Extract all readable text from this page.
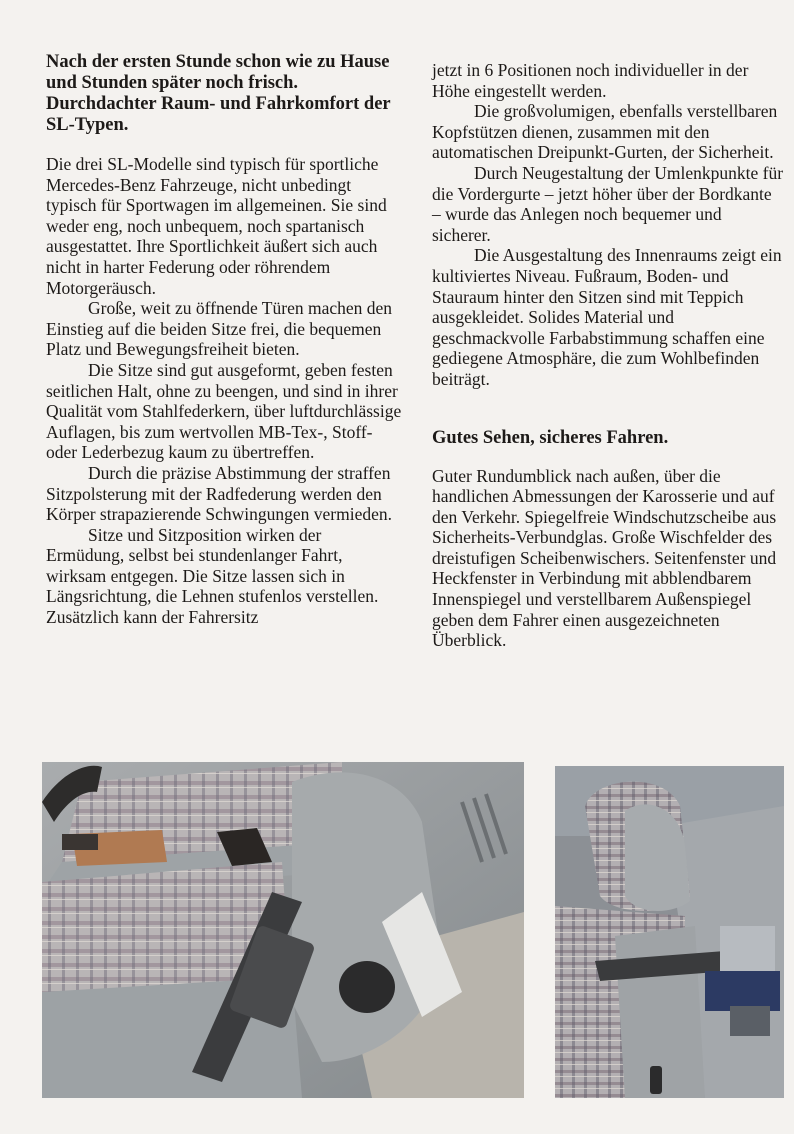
Nach der ersten Stunde schon wie zu Hause und Stunden später noch frisch. Durchdachter Raum- und Fahrkomfort der SL-Typen.

Die drei SL-Modelle sind typisch für sportliche Mercedes-Benz Fahrzeuge, nicht unbedingt typisch für Sportwagen im allgemeinen. Sie sind weder eng, noch unbequem, noch spartanisch ausgestattet. Ihre Sportlichkeit äußert sich auch nicht in harter Federung oder röhrendem Motorgeräusch.

Große, weit zu öffnende Türen machen den Einstieg auf die beiden Sitze frei, die bequemen Platz und Bewegungsfreiheit bieten.

Die Sitze sind gut ausgeformt, geben festen seitlichen Halt, ohne zu beengen, und sind in ihrer Qualität vom Stahlfederkern, über luftdurchlässige Auflagen, bis zum wertvollen MB-Tex-, Stoff- oder Lederbezug kaum zu übertreffen.

Durch die präzise Abstimmung der straffen Sitzpolsterung mit der Radfederung werden den Körper strapazierende Schwingungen vermieden.

Sitze und Sitzposition wirken der Ermüdung, selbst bei stundenlanger Fahrt, wirksam entgegen. Die Sitze lassen sich in Längsrichtung, die Lehnen stufenlos verstellen. Zusätzlich kann der Fahrersitz

jetzt in 6 Positionen noch individueller in der Höhe eingestellt werden.

Die großvolumigen, ebenfalls verstellbaren Kopfstützen dienen, zusammen mit den automatischen Dreipunkt-Gurten, der Sicherheit.

Durch Neugestaltung der Umlenkpunkte für die Vordergurte – jetzt höher über der Bordkante – wurde das Anlegen noch bequemer und sicherer.

Die Ausgestaltung des Innenraums zeigt ein kultiviertes Niveau. Fußraum, Boden- und Stauraum hinter den Sitzen sind mit Teppich ausgekleidet. Solides Material und geschmackvolle Farbabstimmung schaffen eine gediegene Atmosphäre, die zum Wohlbefinden beiträgt.

Gutes Sehen, sicheres Fahren.

Guter Rundumblick nach außen, über die handlichen Abmessungen der Karosserie und auf den Verkehr. Spiegelfreie Windschutzscheibe aus Sicherheits-Verbundglas. Große Wischfelder des dreistufigen Scheibenwischers. Seitenfenster und Heckfenster in Verbindung mit abblendbarem Innenspiegel und verstellbarem Außenspiegel geben dem Fahrer einen ausgezeichneten Überblick.
